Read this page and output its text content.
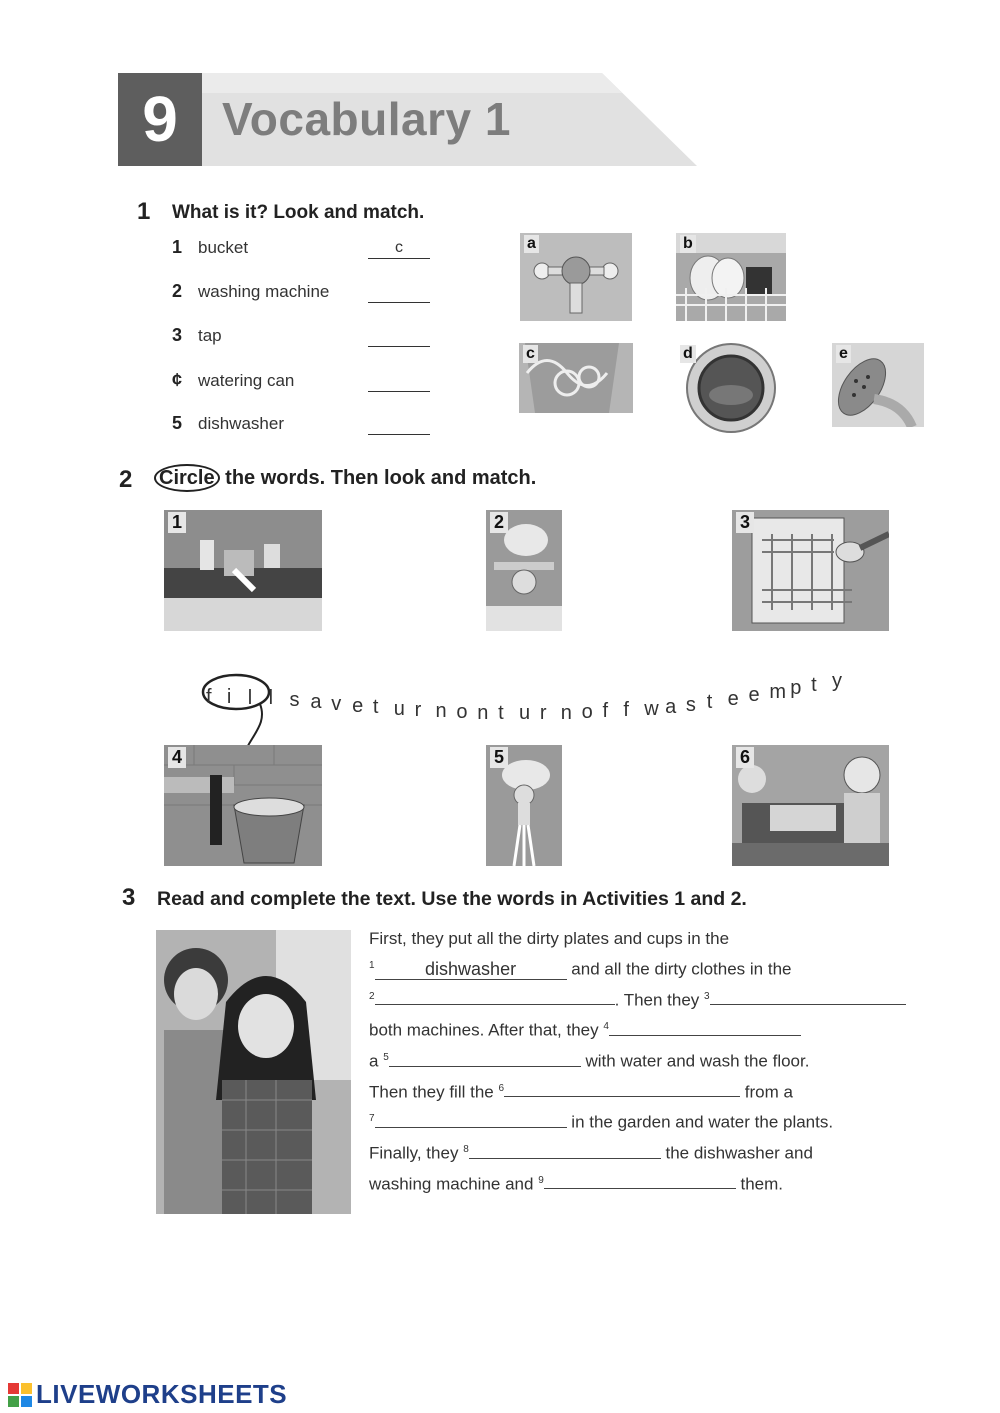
9 Vocabulary 1
1 What is it? Look and match.
1 bucket	c
2 washing machine
3 tap
¢ watering can
5 dishwasher
a	b
c	d	e
2 Circle the words. Then look and match.
1	2	3
f i l l s a v e t u r n o n t u r n o f f w a s t e e m p t y
4	5	6
3 Read and complete the text. Use the words in Activities 1 and 2.
First, they put all the dirty plates and cups in the
$^1$	dishwasher	and all the dirty clothes in the
$^2$	. Then they $^3$
both machines. After that, they $^4$
a $^5$	with water and wash the floor.
Then they fill the $^6$	from a
$^7$	in the garden and water the plants.
Finally, they $^8$	the dishwasher and
washing machine and $^9$	them.
LIVEWORKSHEETS
